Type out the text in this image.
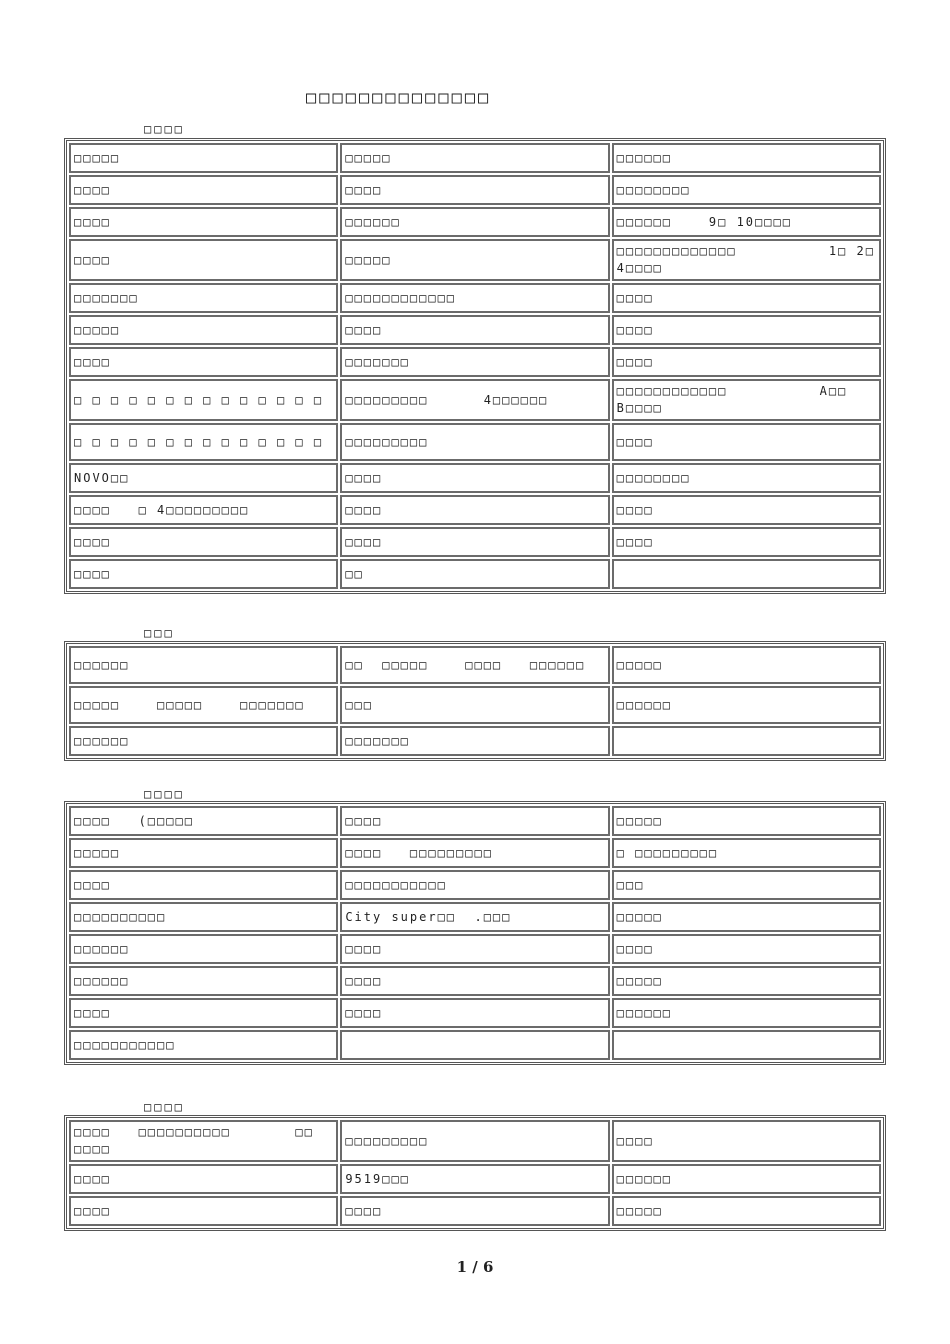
□□□□□□□□□□□□□□
□□□□
□□□□□	□□□□□	□□□□□□
□□□□	□□□□	□□□□□□□□
□□□□	□□□□□□	□□□□□□    9□ 10□□□□
□□□□	□□□□□	□□□□□□□□□□□□□          1□ 2□ 4□□□□
□□□□□□□	□□□□□□□□□□□□	□□□□
□□□□□	□□□□	□□□□
□□□□	□□□□□□□	□□□□
□ □ □ □ □ □ □ □ □ □ □ □ □ □	□□□□□□□□□      4□□□□□□	□□□□□□□□□□□□          A□□  B□□□□
□ □ □ □ □ □ □ □ □ □ □ □ □ □	□□□□□□□□□	□□□□
NOVO□□	□□□□	□□□□□□□□
□□□□   □ 4□□□□□□□□□	□□□□	□□□□
□□□□	□□□□	□□□□
□□□□	□□	
□□□
□□□□□□	□□  □□□□□    □□□□   □□□□□□	□□□□□
□□□□□    □□□□□    □□□□□□□	□□□	□□□□□□
□□□□□□	□□□□□□□	
□□□□
□□□□   (□□□□□	□□□□	□□□□□
□□□□□	□□□□   □□□□□□□□□	□ □□□□□□□□□
□□□□	□□□□□□□□□□□	□□□
□□□□□□□□□□	City super□□  .□□□	□□□□□
□□□□□□	□□□□	□□□□
□□□□□□	□□□□	□□□□□
□□□□	□□□□	□□□□□□
□□□□□□□□□□□		
□□□□
□□□□   □□□□□□□□□□       □□ □□□□	□□□□□□□□□	□□□□
□□□□	9519□□□	□□□□□□
□□□□	□□□□	□□□□□
1 / 6
